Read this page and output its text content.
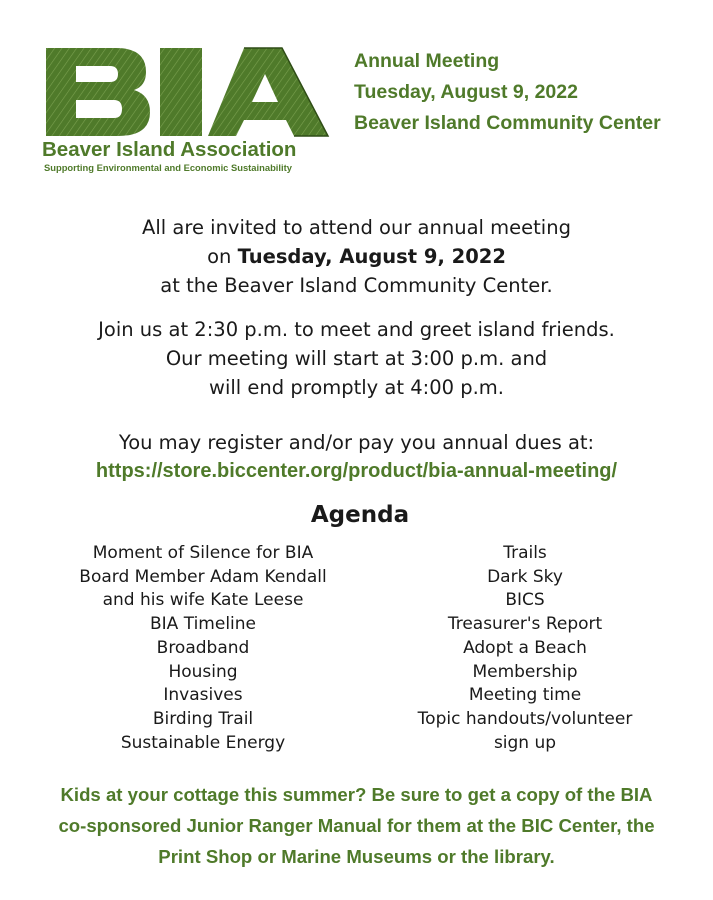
Beaver Island Association
Supporting Environmental and Economic Sustainability
Annual Meeting
Tuesday, August 9, 2022
Beaver Island Community Center

All are invited to attend our annual meeting

on Tuesday, August 9, 2022

at the Beaver Island Community Center.

Join us at 2:30 p.m. to meet and greet island friends.

Our meeting will start at 3:00 p.m. and

will end promptly at 4:00 p.m.

You may register and/or pay you annual dues at:

https://store.biccenter.org/product/bia-annual-meeting/

Agenda
Moment of Silence for BIA
Board Member Adam Kendall
and his wife Kate Leese
BIA Timeline
Broadband
Housing
Invasives
Birding Trail
Sustainable Energy
Trails
Dark Sky
BICS
Treasurer's Report
Adopt a Beach
Membership
Meeting time
Topic handouts/volunteer
sign up
Kids at your cottage this summer? Be sure to get a copy of the BIA
co-sponsored Junior Ranger Manual for them at the BIC Center, the
Print Shop or Marine Museums or the library.
